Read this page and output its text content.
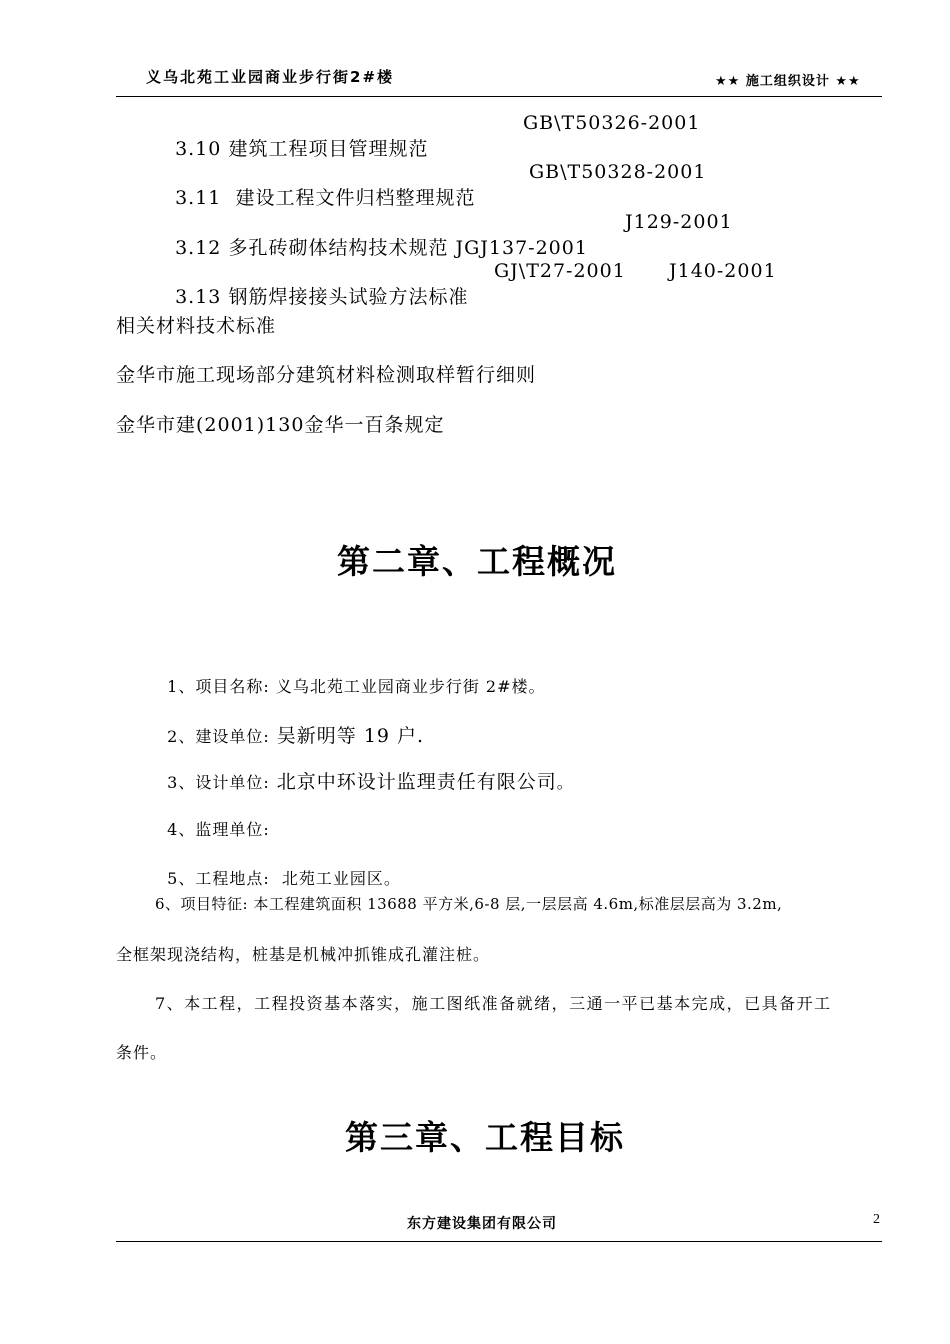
义乌北苑工业园商业步行街2#楼	★★ 施工组织设计 ★★

3.10 建筑工程项目管理规范

GB\T50326-2001

3.11  建设工程文件归档整理规范

GB\T50328-2001

3.12 多孔砖砌体结构技术规范 JGJ137-2001

J129-2001

3.13 钢筋焊接接头试验方法标准

GJ\T27-2001

J140-2001

相关材料技术标准
金华市施工现场部分建筑材料检测取样暂行细则
金华市建(2001)130金华一百条规定
第二章、工程概况

1、项目名称: 义乌北苑工业园商业步行街 2#楼。

2、建设单位: 吴新明等 19 户.

3、设计单位: 北京中环设计监理责任有限公司。

4、监理单位:

5、工程地点:  北苑工业园区。

6、项目特征: 本工程建筑面积 13688 平方米,6-8 层,一层层高 4.6m,标准层层高为 3.2m,
全框架现浇结构，桩基是机械冲抓锥成孔灌注桩。
7、本工程，工程投资基本落实，施工图纸准备就绪，三通一平已基本完成，已具备开工
条件。
第三章、工程目标
东方建设集团有限公司	2
